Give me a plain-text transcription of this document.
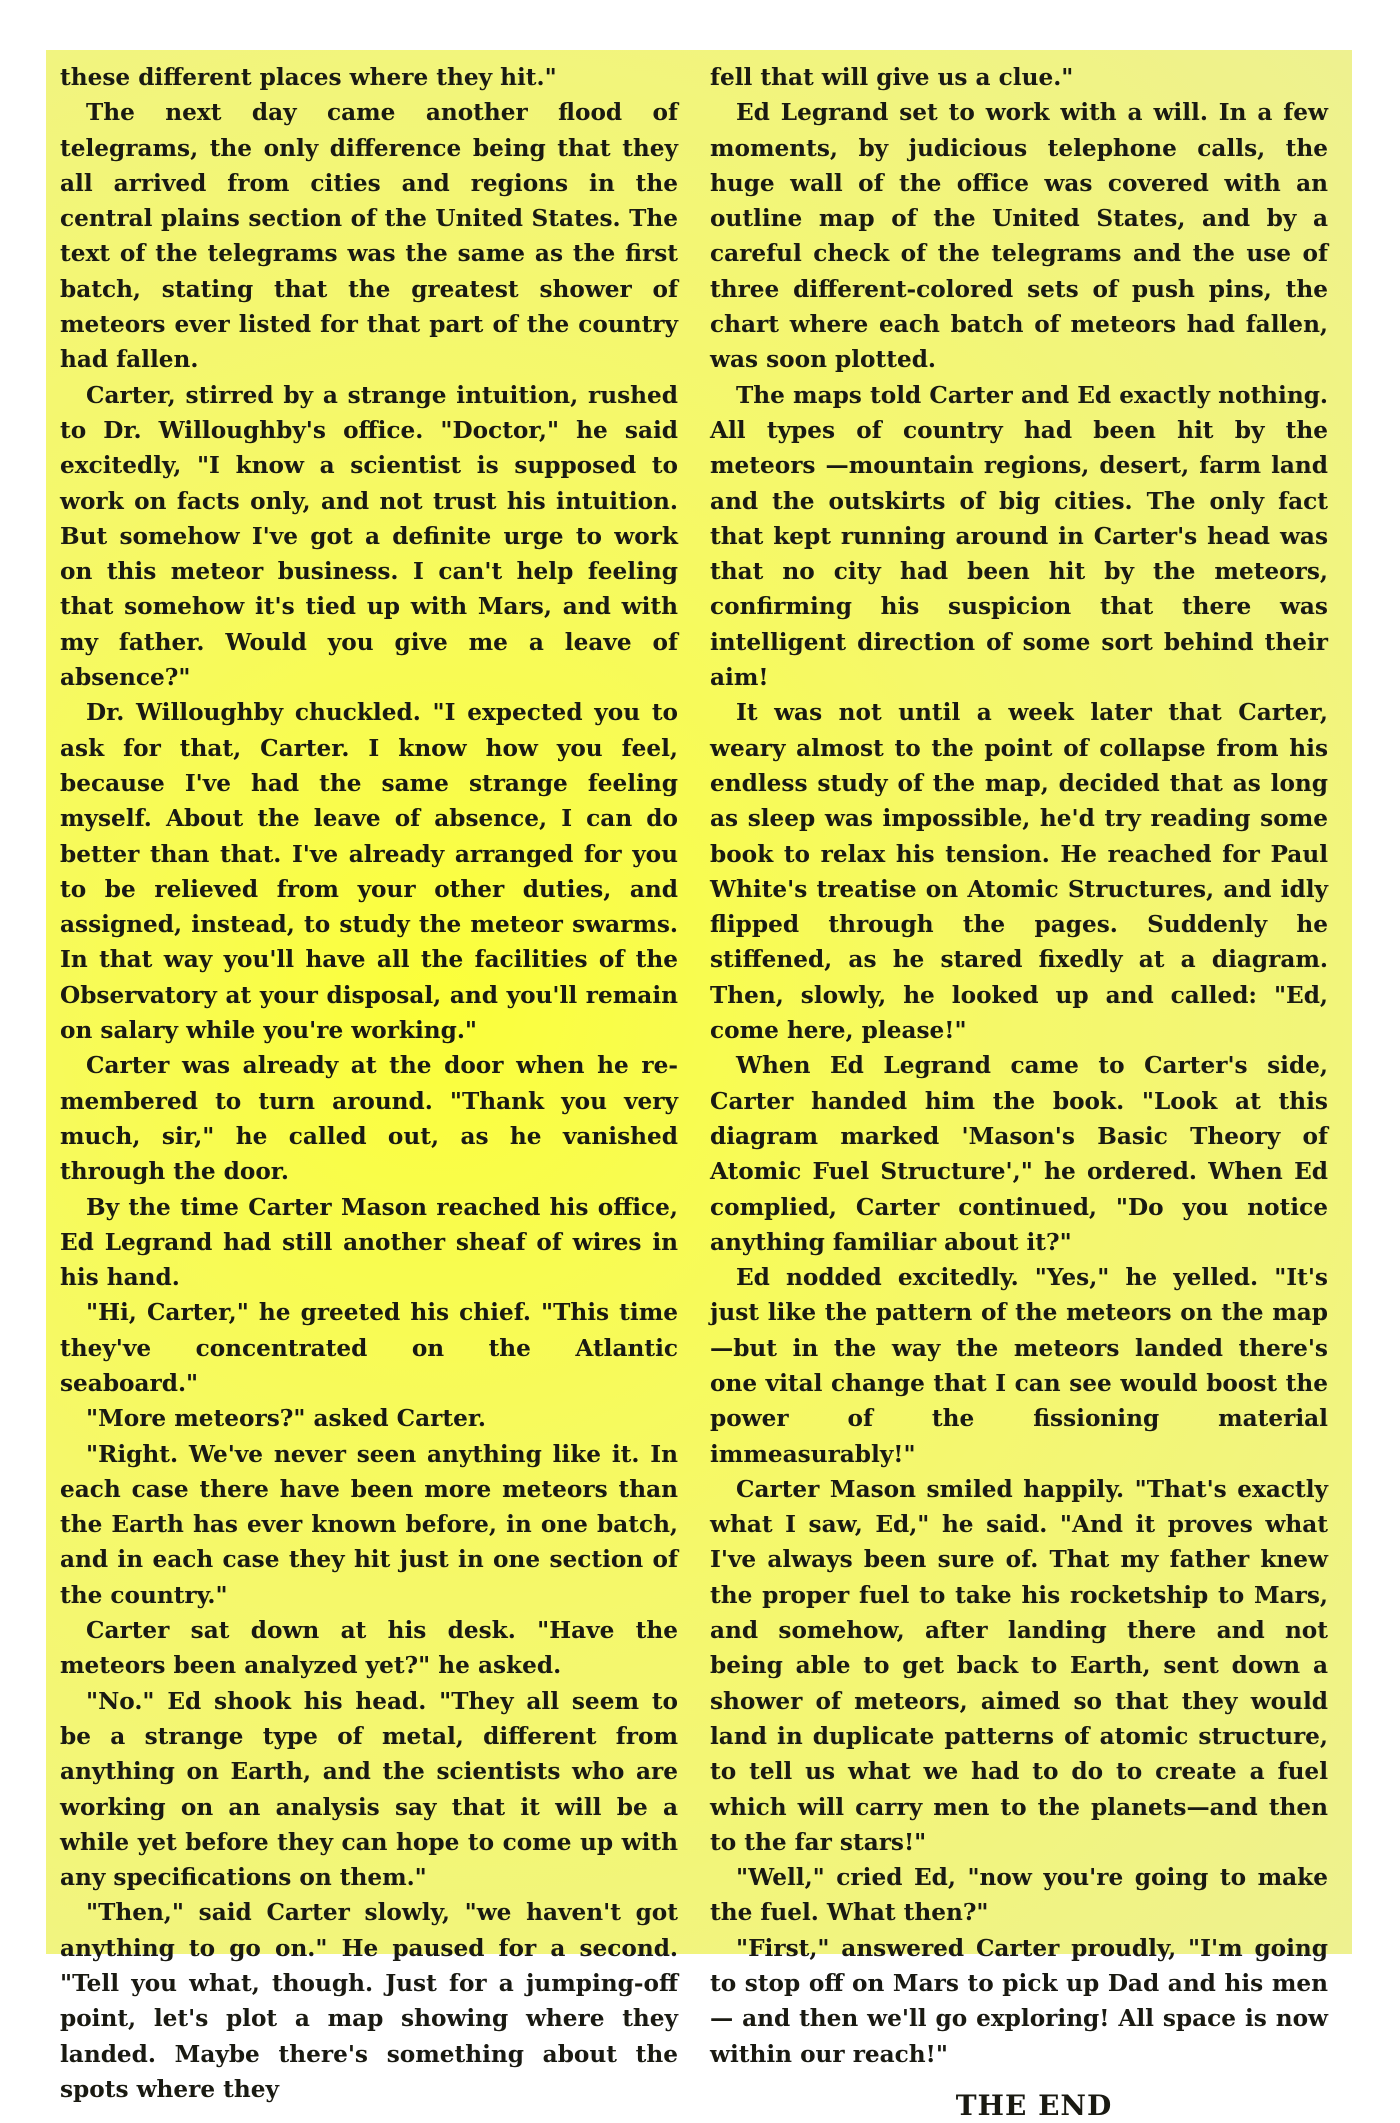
these different places where they hit."

The next day came another flood of telegrams, the only difference being that they all arrived from cities and regions in the central plains section of the United States. The text of the telegrams was the same as the first batch, stating that the greatest shower of meteors ever listed for that part of the country had fallen.

Carter, stirred by a strange intuition, rushed to Dr. Willoughby's office. "Doctor," he said excitedly, "I know a scientist is supposed to work on facts only, and not trust his intuition. But somehow I've got a definite urge to work on this meteor business. I can't help feeling that somehow it's tied up with Mars, and with my father. Would you give me a leave of absence?"

Dr. Willoughby chuckled. "I expected you to ask for that, Carter. I know how you feel, because I've had the same strange feeling myself. About the leave of absence, I can do better than that. I've already arranged for you to be relieved from your other duties, and assigned, instead, to study the meteor swarms. In that way you'll have all the facilities of the Observatory at your disposal, and you'll remain on salary while you're working."

Carter was already at the door when he remembered to turn around. "Thank you very much, sir," he called out, as he vanished through the door.

By the time Carter Mason reached his office, Ed Legrand had still another sheaf of wires in his hand.

"Hi, Carter," he greeted his chief. "This time they've concentrated on the Atlantic seaboard."

"More meteors?" asked Carter.

"Right. We've never seen anything like it. In each case there have been more meteors than the Earth has ever known before, in one batch, and in each case they hit just in one section of the country."

Carter sat down at his desk. "Have the meteors been analyzed yet?" he asked.

"No." Ed shook his head. "They all seem to be a strange type of metal, different from anything on Earth, and the scientists who are working on an analysis say that it will be a while yet before they can hope to come up with any specifications on them."

"Then," said Carter slowly, "we haven't got anything to go on." He paused for a second. "Tell you what, though. Just for a jumping-off point, let's plot a map showing where they landed. Maybe there's something about the spots where they

fell that will give us a clue."

Ed Legrand set to work with a will. In a few moments, by judicious telephone calls, the huge wall of the office was covered with an outline map of the United States, and by a careful check of the telegrams and the use of three different-colored sets of push pins, the chart where each batch of meteors had fallen, was soon plotted.

The maps told Carter and Ed exactly nothing. All types of country had been hit by the meteors —mountain regions, desert, farm land and the outskirts of big cities. The only fact that kept running around in Carter's head was that no city had been hit by the meteors, confirming his suspicion that there was intelligent direction of some sort behind their aim!

It was not until a week later that Carter, weary almost to the point of collapse from his endless study of the map, decided that as long as sleep was impossible, he'd try reading some book to relax his tension. He reached for Paul White's treatise on Atomic Structures, and idly flipped through the pages. Suddenly he stiffened, as he stared fixedly at a diagram. Then, slowly, he looked up and called: "Ed, come here, please!"

When Ed Legrand came to Carter's side, Carter handed him the book. "Look at this diagram marked 'Mason's Basic Theory of Atomic Fuel Structure'," he ordered. When Ed complied, Carter continued, "Do you notice anything familiar about it?"

Ed nodded excitedly. "Yes," he yelled. "It's just like the pattern of the meteors on the map—but in the way the meteors landed there's one vital change that I can see would boost the power of the fissioning material immeasurably!"

Carter Mason smiled happily. "That's exactly what I saw, Ed," he said. "And it proves what I've always been sure of. That my father knew the proper fuel to take his rocketship to Mars, and somehow, after landing there and not being able to get back to Earth, sent down a shower of meteors, aimed so that they would land in duplicate patterns of atomic structure, to tell us what we had to do to create a fuel which will carry men to the planets—and then to the far stars!"

"Well," cried Ed, "now you're going to make the fuel. What then?"

"First," answered Carter proudly, "I'm going to stop off on Mars to pick up Dad and his men— and then we'll go exploring! All space is now within our reach!"

THE END
